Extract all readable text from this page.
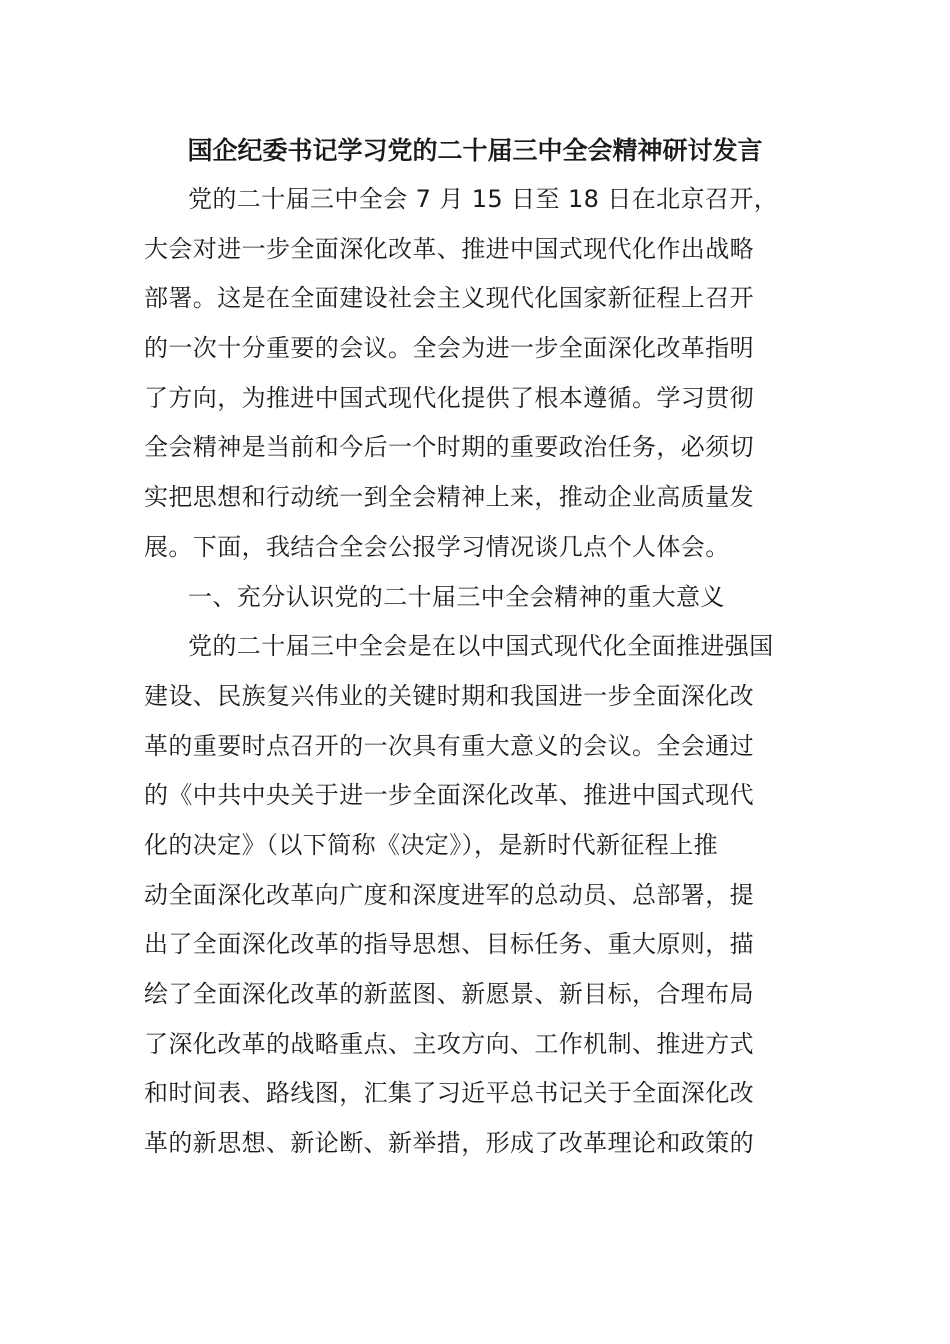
国企纪委书记学习党的二十届三中全会精神研讨发言
党的二十届三中全会 7 月 15 日至 18 日在北京召开，
大会对进一步全面深化改革、推进中国式现代化作出战略
部署。这是在全面建设社会主义现代化国家新征程上召开
的一次十分重要的会议。全会为进一步全面深化改革指明
了方向，为推进中国式现代化提供了根本遵循。学习贯彻
全会精神是当前和今后一个时期的重要政治任务，必须切
实把思想和行动统一到全会精神上来，推动企业高质量发
展。下面，我结合全会公报学习情况谈几点个人体会。
一、充分认识党的二十届三中全会精神的重大意义
党的二十届三中全会是在以中国式现代化全面推进强国
建设、民族复兴伟业的关键时期和我国进一步全面深化改
革的重要时点召开的一次具有重大意义的会议。全会通过
的《中共中央关于进一步全面深化改革、推进中国式现代
化的决定》（以下简称《决定》），是新时代新征程上推
动全面深化改革向广度和深度进军的总动员、总部署，提
出了全面深化改革的指导思想、目标任务、重大原则，描
绘了全面深化改革的新蓝图、新愿景、新目标，合理布局
了深化改革的战略重点、主攻方向、工作机制、推进方式
和时间表、路线图，汇集了习近平总书记关于全面深化改
革的新思想、新论断、新举措，形成了改革理论和政策的
